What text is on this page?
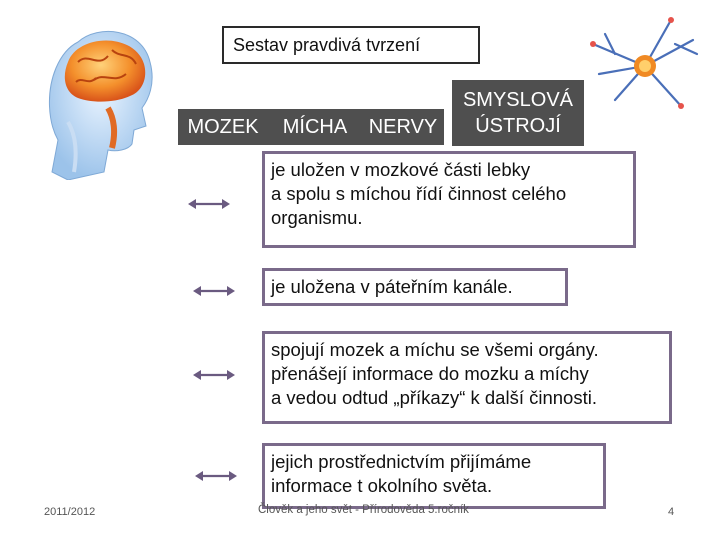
Sestav pravdivá tvrzení
MOZEK MÍCHA NERVY
SMYSLOVÁ
ÚSTROJÍ
je uložen v mozkové části lebky
a spolu s míchou řídí činnost celého
organismu.
je uložena v páteřním kanále.
spojují mozek a míchu se všemi orgány.
přenášejí informace do mozku a míchy
a vedou odtud „příkazy“ k další činnosti.
jejich prostřednictvím přijímáme
informace t okolního světa.
2011/2012	Člověk a jeho svět - Přírodověda 5.ročník	4
